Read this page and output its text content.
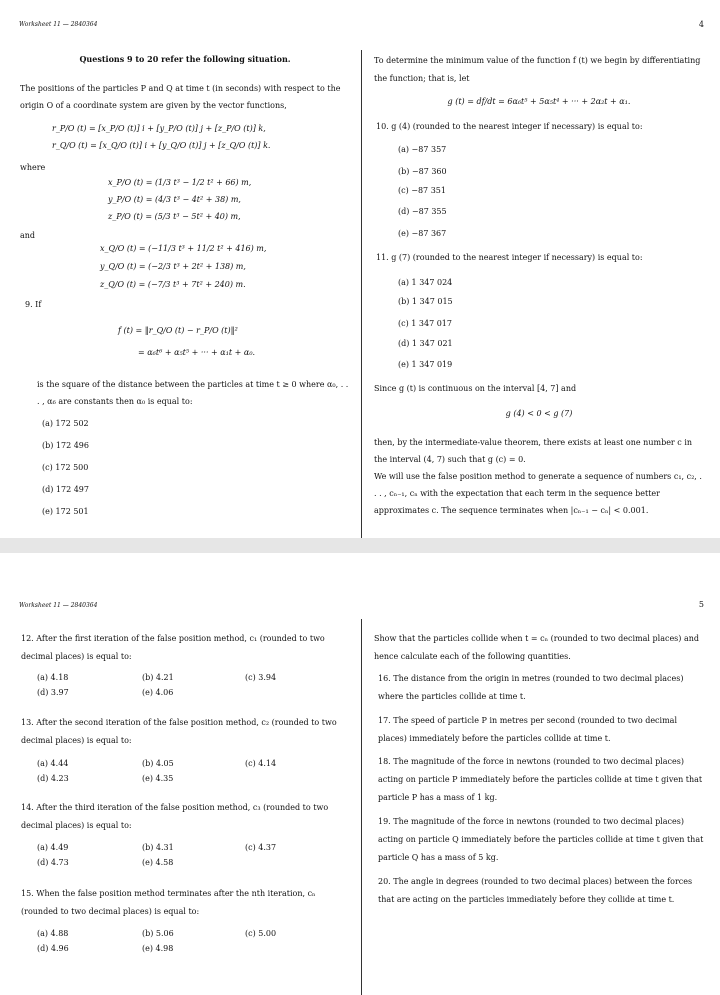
Worksheet 11 — 2840364	4
Questions 9 to 20 refer the following situation.
The positions of the particles P and Q at time t (in seconds) with respect to the origin O of a coordinate system are given by the vector functions,
r_P/O (t) = [x_P/O (t)] i + [y_P/O (t)] j + [z_P/O (t)] k,
r_Q/O (t) = [x_Q/O (t)] i + [y_Q/O (t)] j + [z_Q/O (t)] k.
where
x_P/O (t) = (1/3 t³ − 1/2 t² + 66) m,
y_P/O (t) = (4/3 t³ − 4t² + 38) m,
z_P/O (t) = (5/3 t³ − 5t² + 40) m,
and
x_Q/O (t) = (−11/3 t³ + 11/2 t² + 416) m,
y_Q/O (t) = (−2/3 t³ + 2t² + 138) m,
z_Q/O (t) = (−7/3 t³ + 7t² + 240) m.
9. If
f (t) = ‖r_Q/O (t) − r_P/O (t)‖²
= α₆t⁶ + α₅t⁵ + ··· + α₁t + α₀.
is the square of the distance between the particles at time t ≥ 0 where α₀, . . . , α₆ are constants then α₀ is equal to:
(a) 172 502
(b) 172 496
(c) 172 500
(d) 172 497
(e) 172 501
To determine the minimum value of the function f (t) we begin by differentiating the function; that is, let
g (t) = df/dt = 6α₆t⁵ + 5α₅t⁴ + ··· + 2α₂t + α₁.
10. g (4) (rounded to the nearest integer if necessary) is equal to:
(a) −87 357
(b) −87 360
(c) −87 351
(d) −87 355
(e) −87 367
11. g (7) (rounded to the nearest integer if necessary) is equal to:
(a) 1 347 024
(b) 1 347 015
(c) 1 347 017
(d) 1 347 021
(e) 1 347 019
Since g (t) is continuous on the interval [4, 7] and
g (4) < 0 < g (7)
then, by the intermediate-value theorem, there exists at least one number c in the interval (4, 7) such that g (c) = 0.
We will use the false position method to generate a sequence of numbers c₁, c₂, . . . , cₙ₋₁, cₙ with the expectation that each term in the sequence better approximates c. The sequence terminates when |cₙ₋₁ − cₙ| < 0.001.
Worksheet 11 — 2840364	5
12. After the first iteration of the false position method, c₁ (rounded to two decimal places) is equal to:
(a) 4.18	(b) 4.21	(c) 3.94
(d) 3.97	(e) 4.06
13. After the second iteration of the false position method, c₂ (rounded to two decimal places) is equal to:
(a) 4.44	(b) 4.05	(c) 4.14
(d) 4.23	(e) 4.35
14. After the third iteration of the false position method, c₃ (rounded to two decimal places) is equal to:
(a) 4.49	(b) 4.31	(c) 4.37
(d) 4.73	(e) 4.58
15. When the false position method terminates after the nth iteration, cₙ (rounded to two decimal places) is equal to:
(a) 4.88	(b) 5.06	(c) 5.00
(d) 4.96	(e) 4.98
Show that the particles collide when t = cₙ (rounded to two decimal places) and hence calculate each of the following quantities.
16. The distance from the origin in metres (rounded to two decimal places) where the particles collide at time t.
17. The speed of particle P in metres per second (rounded to two decimal places) immediately before the particles collide at time t.
18. The magnitude of the force in newtons (rounded to two decimal places) acting on particle P immediately before the particles collide at time t given that particle P has a mass of 1 kg.
19. The magnitude of the force in newtons (rounded to two decimal places) acting on particle Q immediately before the particles collide at time t given that particle Q has a mass of 5 kg.
20. The angle in degrees (rounded to two decimal places) between the forces that are acting on the particles immediately before they collide at time t.
